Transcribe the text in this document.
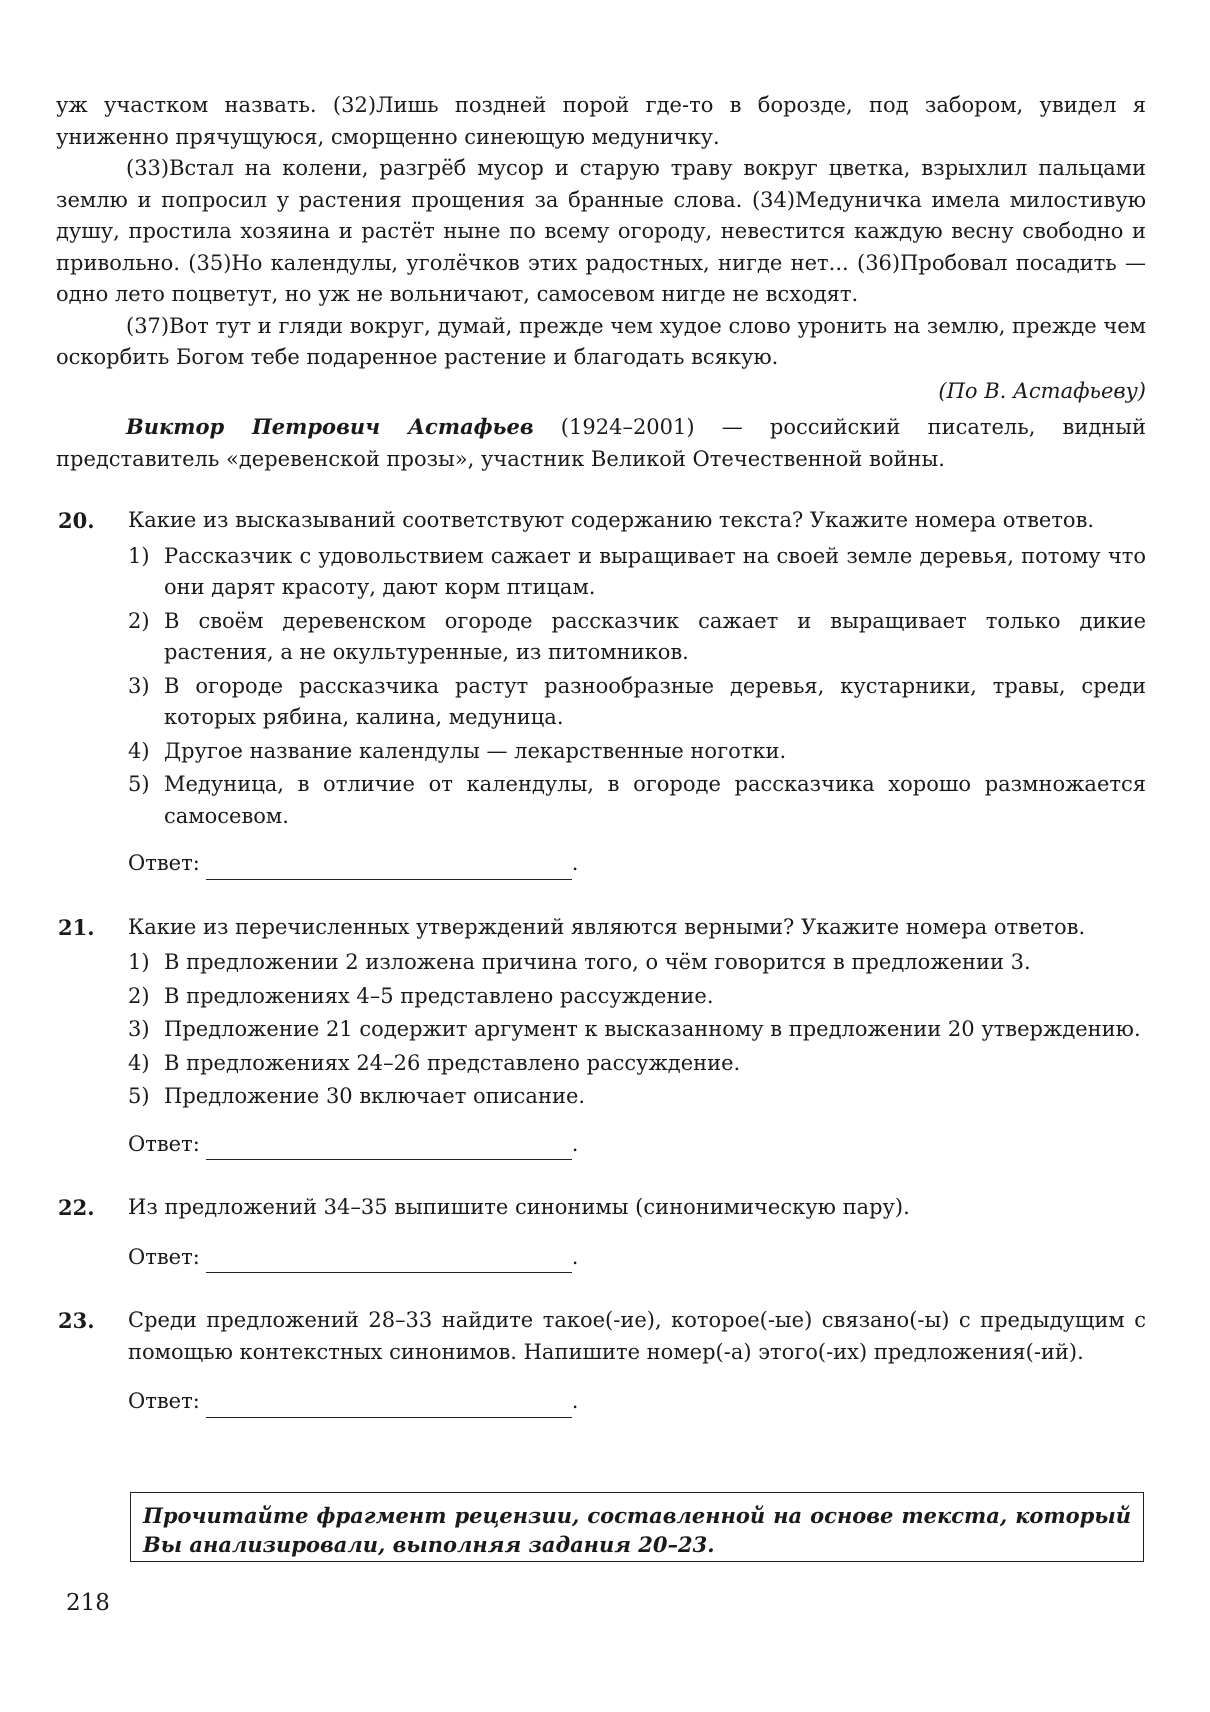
уж участком назвать. (32)Лишь поздней порой где-то в борозде, под забором, увидел я униженно прячущуюся, сморщенно синеющую медуничку.

(33)Встал на колени, разгрёб мусор и старую траву вокруг цветка, взрыхлил пальцами землю и попросил у растения прощения за бранные слова. (34)Медуничка имела милостивую душу, простила хозяина и растёт ныне по всему огороду, невестится каждую весну свободно и привольно. (35)Но календулы, уголёчков этих радостных, нигде нет... (36)Пробовал посадить — одно лето поцветут, но уж не вольничают, самосевом нигде не всходят.

(37)Вот тут и гляди вокруг, думай, прежде чем худое слово уронить на землю, прежде чем оскорбить Богом тебе подаренное растение и благодать всякую.

(По В. Астафьеву)

Виктор Петрович Астафьев (1924–2001) — российский писатель, видный представитель «деревенской прозы», участник Великой Отечественной войны.

20. Какие из высказываний соответствуют содержанию текста? Укажите номера ответов.
1) Рассказчик с удовольствием сажает и выращивает на своей земле деревья, потому что они дарят красоту, дают корм птицам.
2) В своём деревенском огороде рассказчик сажает и выращивает только дикие растения, а не окультуренные, из питомников.
3) В огороде рассказчика растут разнообразные деревья, кустарники, травы, среди которых рябина, калина, медуница.
4) Другое название календулы — лекарственные ноготки.
5) Медуница, в отличие от календулы, в огороде рассказчика хорошо размножается самосевом.
Ответ:	.
21. Какие из перечисленных утверждений являются верными? Укажите номера ответов.
1) В предложении 2 изложена причина того, о чём говорится в предложении 3.
2) В предложениях 4–5 представлено рассуждение.
3) Предложение 21 содержит аргумент к высказанному в предложении 20 утверждению.
4) В предложениях 24–26 представлено рассуждение.
5) Предложение 30 включает описание.
Ответ:	.
22. Из предложений 34–35 выпишите синонимы (синонимическую пару).
Ответ:	.
23. Среди предложений 28–33 найдите такое(-ие), которое(-ые) связано(-ы) с предыдущим с помощью контекстных синонимов. Напишите номер(-а) этого(-их) предложения(-ий).
Ответ:	.
Прочитайте фрагмент рецензии, составленной на основе текста, который Вы анализировали, выполняя задания 20–23.
218
